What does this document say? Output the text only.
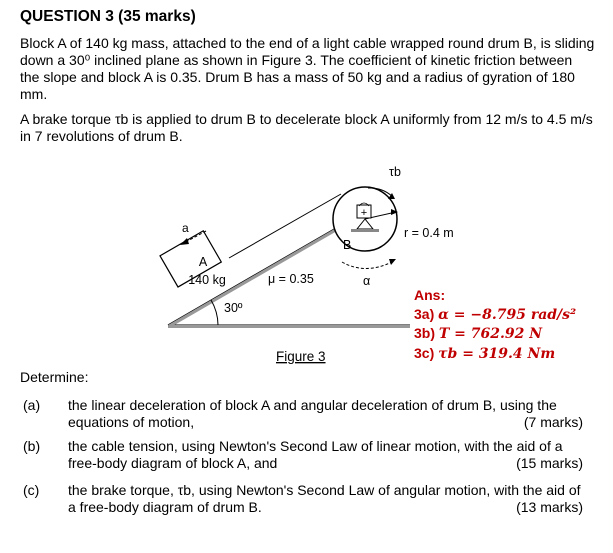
QUESTION 3 (35 marks)
Block A of 140 kg mass, attached to the end of a light cable wrapped round drum B, is sliding down a 30⁰ inclined plane as shown in Figure 3. The coefficient of kinetic friction between the slope and block A is 0.35. Drum B has a mass of 50 kg and a radius of gyration of 180 mm.
A brake torque τb is applied to drum B to decelerate block A uniformly from 12 m/s to 4.5 m/s in 7 revolutions of drum B.
30º
A
140 kg	μ = 0.35
a	r = 0.4 m
B
+
τb
α
Figure 3
Ans:
3a) α = −8.795 rad/s²
3b) T = 762.92 N
3c) τb = 319.4 Nm
Determine:
(a) the linear deceleration of block A and angular deceleration of drum B, using the equations of motion,	(7 marks)
(b) the cable tension, using Newton's Second Law of linear motion, with the aid of a free-body diagram of block A, and	(15 marks)
(c) the brake torque, τb, using Newton's Second Law of angular motion, with the aid of a free-body diagram of drum B.	(13 marks)
